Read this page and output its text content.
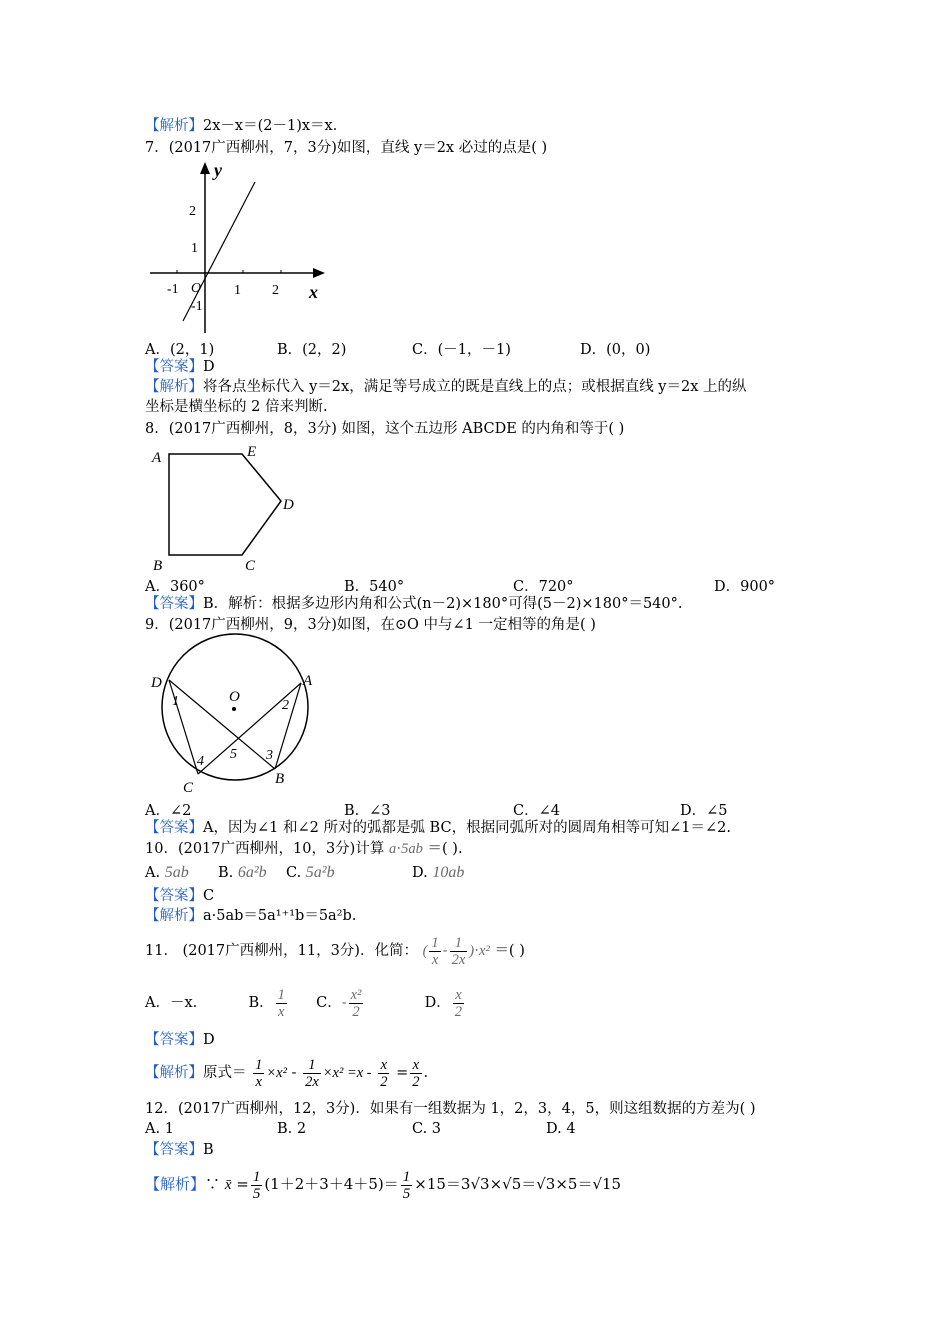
【解析】2x－x＝(2－1)x＝x．
7．(2017广西柳州，7，3分)如图，直线 y＝2x 必过的点是( )
y
x
2
1
-1 O
-1
1 2
A．(2，1)	B．(2，2)	C．(－1，－1)	D．(0，0)
【答案】D
【解析】将各点坐标代入 y＝2x，满足等号成立的既是直线上的点；或根据直线 y＝2x 上的纵
坐标是横坐标的 2 倍来判断.
8．(2017广西柳州，8，3分) 如图，这个五边形 ABCDE 的内角和等于( )
A	E
D
C
B
A．360°	B．540°	C．720°	D．900°
【答案】B．解析：根据多边形内角和公式(n－2)×180°可得(5－2)×180°＝540°.
9．(2017广西柳州，9，3分)如图，在⊙O 中与∠1 一定相等的角是( )
D	A
O
C
B
1	2
3
4 5
A．∠2	B．∠3	C．∠4	D．∠5
【答案】A，因为∠1 和∠2 所对的弧都是弧 BC，根据同弧所对的圆周角相等可知∠1＝∠2.
10．(2017广西柳州，10，3分)计算 a⋅5ab ＝( ).
A. 5ab B. 6a²b C. 5a²b	D. 10ab
【答案】C
【解析】a·5ab＝5a¹⁺¹b＝5a²b.
11． (2017广西柳州，11，3分)．化简： ( $\frac{1}{x} - \frac{1}{2x} )\cdot x^2$ ＝( )
A．－x.	B． $\frac{1}{x}$ C．- $\frac{\text{x²}}{2}$	D． $\frac{x}{2}$
【答案】D
【解析】原式＝ $\frac{1}{x} \times x^2 - \frac{1}{2x} \times x^2 =x - \frac{x}{2} = \frac{x}{2}$ .
12．(2017广西柳州，12，3分)．如果有一组数据为 1，2，3，4，5，则这组数据的方差为( )
A. 1	B. 2	C. 3	D. 4
【答案】B
【解析】∵ x̄ = $\frac{1}{5} (1+2+3+4+5)= \frac{1}{5} \times 15=3√3\times√5=√3\times 5=√15$
